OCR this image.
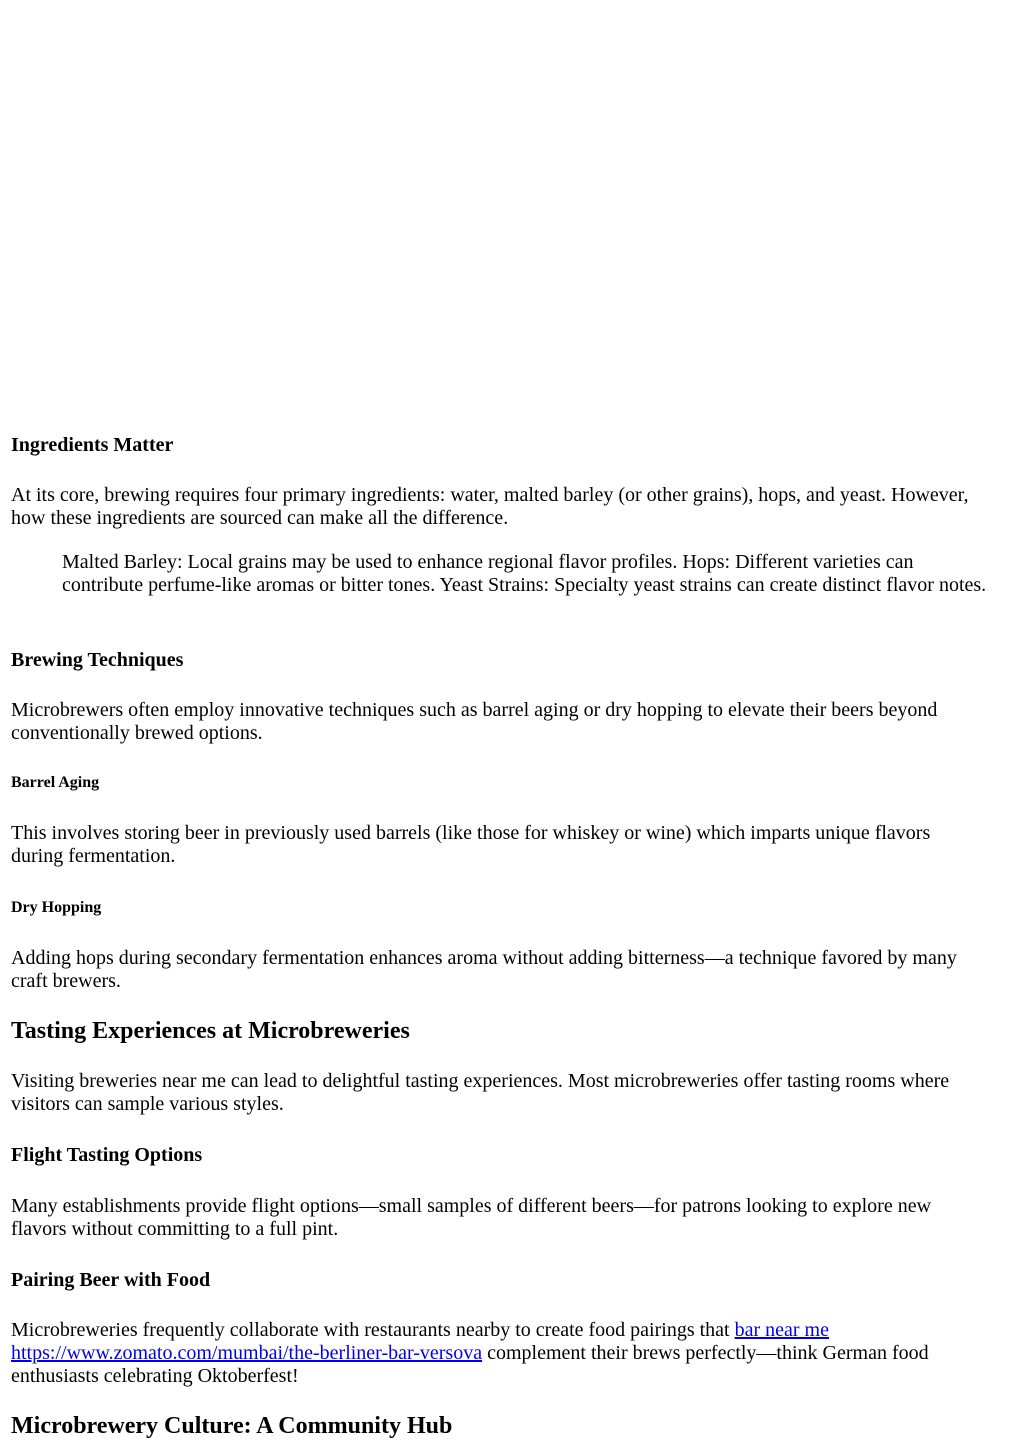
Ingredients Matter

At its core, brewing requires four primary ingredients: water, malted barley (or other grains), hops, and yeast. However, how these ingredients are sourced can make all the difference.

Malted Barley: Local grains may be used to enhance regional flavor profiles. Hops: Different varieties can contribute perfume-like aromas or bitter tones. Yeast Strains: Specialty yeast strains can create distinct flavor notes.

Brewing Techniques

Microbrewers often employ innovative techniques such as barrel aging or dry hopping to elevate their beers beyond conventionally brewed options.

Barrel Aging

This involves storing beer in previously used barrels (like those for whiskey or wine) which imparts unique flavors during fermentation.

Dry Hopping

Adding hops during secondary fermentation enhances aroma without adding bitterness—a technique favored by many craft brewers.

Tasting Experiences at Microbreweries

Visiting breweries near me can lead to delightful tasting experiences. Most microbreweries offer tasting rooms where visitors can sample various styles.

Flight Tasting Options

Many establishments provide flight options—small samples of different beers—for patrons looking to explore new flavors without committing to a full pint.

Pairing Beer with Food

Microbreweries frequently collaborate with restaurants nearby to create food pairings that bar near me
https://www.zomato.com/mumbai/the-berliner-bar-versova complement their brews perfectly—think German food enthusiasts celebrating Oktoberfest!

Microbrewery Culture: A Community Hub
